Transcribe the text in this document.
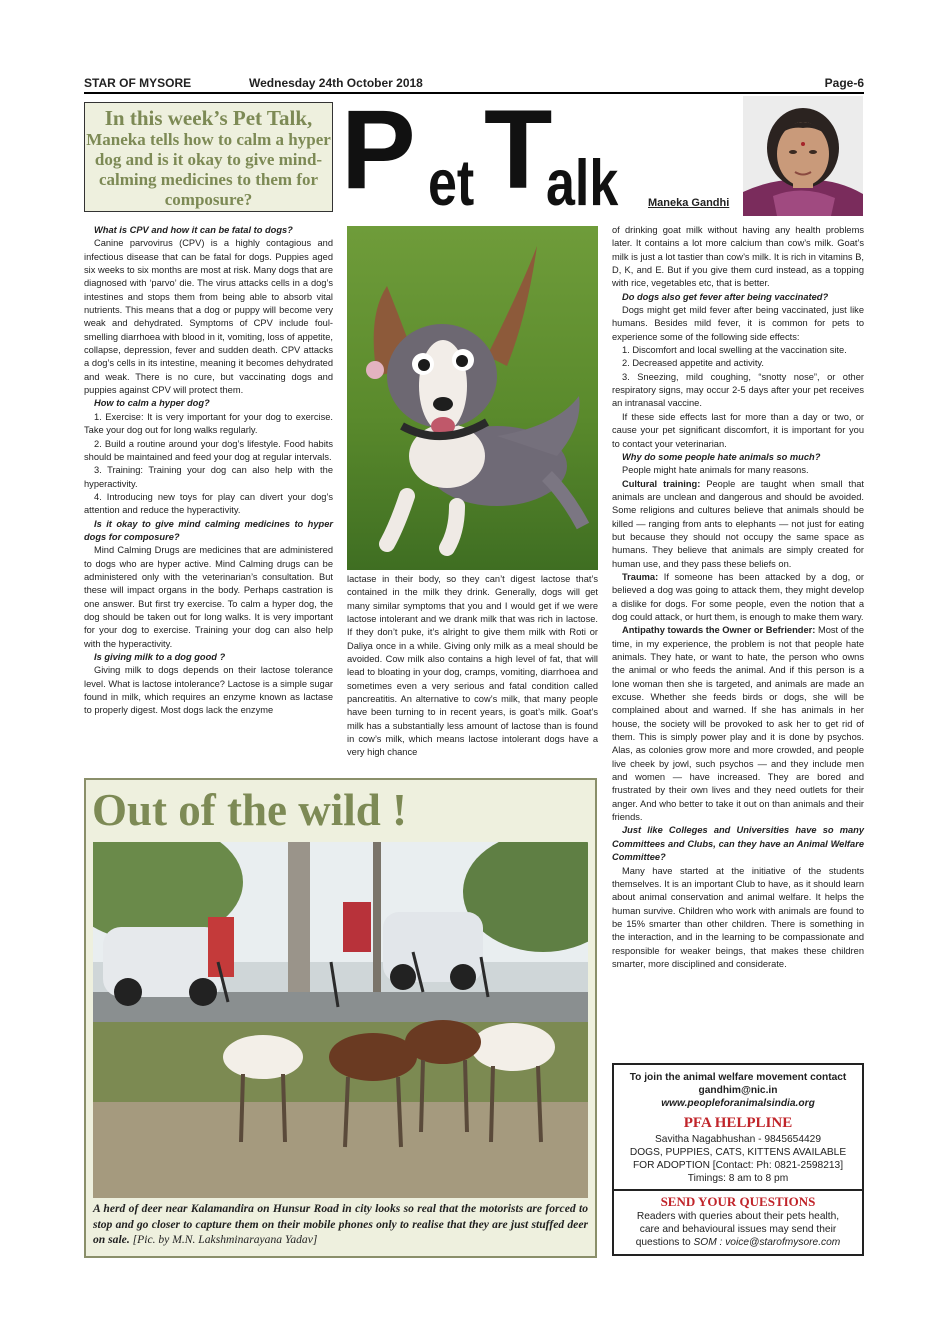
STAR OF MYSORE	Wednesday 24th October 2018	Page-6
In this week’s Pet Talk,
Maneka tells how to calm a hyper dog and is it okay to give mind-calming medicines to them for composure? P et T
alk	Maneka Gandhi

What is CPV and how it can be fatal to dogs?

Canine parvovirus (CPV) is a highly contagious and infectious disease that can be fatal for dogs. Puppies aged six weeks to six months are most at risk. Many dogs that are diagnosed with ‘parvo’ die. The virus attacks cells in a dog’s intestines and stops them from being able to absorb vital nutrients. This means that a dog or puppy will become very weak and dehydrated. Symptoms of CPV include foul-smelling diarrhoea with blood in it, vomiting, loss of appetite, collapse, depression, fever and sudden death. CPV attacks a dog’s cells in its intestine, meaning it becomes dehydrated and weak. There is no cure, but vaccinating dogs and puppies against CPV will protect them.

How to calm a hyper dog?

1. Exercise: It is very important for your dog to exercise. Take your dog out for long walks regularly.

2. Build a routine around your dog’s lifestyle. Food habits should be maintained and feed your dog at regular intervals.

3. Training: Training your dog can also help with the hyperactivity.

4. Introducing new toys for play can divert your dog’s attention and reduce the hyperactivity.

Is it okay to give mind calming medicines to hyper dogs for composure?

Mind Calming Drugs are medicines that are administered to dogs who are hyper active. Mind Calming drugs can be administered only with the veterinarian’s consultation. But these will impact organs in the body. Perhaps castration is one answer. But first try exercise. To calm a hyper dog, the dog should be taken out for long walks. It is very important for your dog to exercise. Training your dog can also help with the hyperactivity.

Is giving milk to a dog good ?

Giving milk to dogs depends on their lactose tolerance level. What is lactose intolerance? Lactose is a simple sugar found in milk, which requires an enzyme known as lactase to properly digest. Most dogs lack the enzyme

lactase in their body, so they can’t digest lactose that’s contained in the milk they drink. Generally, dogs will get many similar symptoms that you and I would get if we were lactose intolerant and we drank milk that was rich in lactose. If they don’t puke, it’s alright to give them milk with Roti or Daliya once in a while. Giving only milk as a meal should be avoided. Cow milk also contains a high level of fat, that will lead to bloating in your dog, cramps, vomiting, diarrhoea and sometimes even a very serious and fatal condition called pancreatitis. An alternative to cow’s milk, that many people have been turning to in recent years, is goat’s milk. Goat’s milk has a substantially less amount of lactose than is found in cow’s milk, which means lactose intolerant dogs have a very high chance

of drinking goat milk without having any health problems later. It contains a lot more calcium than cow’s milk. Goat’s milk is just a lot tastier than cow’s milk. It is rich in vitamins B, D, K, and E. But if you give them curd instead, as a topping with rice, vegetables etc, that is better.

Do dogs also get fever after being vaccinated?

Dogs might get mild fever after being vaccinated, just like humans. Besides mild fever, it is common for pets to experience some of the following side effects:

1. Discomfort and local swelling at the vaccination site.

2. Decreased appetite and activity.

3. Sneezing, mild coughing, “snotty nose”, or other respiratory signs, may occur 2-5 days after your pet receives an intranasal vaccine.

If these side effects last for more than a day or two, or cause your pet significant discomfort, it is important for you to contact your veterinarian.

Why do some people hate animals so much?

People might hate animals for many reasons.

Cultural training: People are taught when small that animals are unclean and dangerous and should be avoided. Some religions and cultures believe that animals should be killed — ranging from ants to elephants — not just for eating but because they should not occupy the same space as humans. They believe that animals are simply created for human use, and they pass these beliefs on.

Trauma: If someone has been attacked by a dog, or believed a dog was going to attack them, they might develop a dislike for dogs. For some people, even the notion that a dog could attack, or hurt them, is enough to make them wary.

Antipathy towards the Owner or Befriender: Most of the time, in my experience, the problem is not that people hate animals. They hate, or want to hate, the person who owns the animal or who feeds the animal. And if this person is a lone woman then she is targeted, and animals are made an excuse. Whether she feeds birds or dogs, she will be complained about and warned. If she has animals in her house, the society will be provoked to ask her to get rid of them. This is simply power play and it is done by psychos. Alas, as colonies grow more and more crowded, and people live cheek by jowl, such psychos — and they include men and women — have increased. They are bored and frustrated by their own lives and they need outlets for their anger. And who better to take it out on than animals and their friends.

Just like Colleges and Universities have so many Committees and Clubs, can they have an Animal Welfare Committee?

Many have started at the initiative of the students themselves. It is an important Club to have, as it should learn about animal conservation and animal welfare. It helps the human survive. Children who work with animals are found to be 15% smarter than other children. There is something in the interaction, and in the learning to be compassionate and responsible for weaker beings, that makes these children smarter, more disciplined and considerate.

Out of the wild !
A herd of deer near Kalamandira on Hunsur Road in city looks so real that the motorists are forced to stop and go closer to capture them on their mobile phones only to realise that they are just stuffed deer on sale. [Pic. by M.N. Lakshminarayana Yadav]
To join the animal welfare movement contact
gandhim@nic.in
www.peopleforanimalsindia.org
PFA HELPLINE
Savitha Nagabhushan - 9845654429
DOGS, PUPPIES, CATS, KITTENS AVAILABLE FOR ADOPTION [Contact: Ph: 0821-2598213]
Timings: 8 am to 8 pm
SEND YOUR QUESTIONS
Readers with queries about their pets health, care and behavioural issues may send their questions to SOM : voice@starofmysore.com
